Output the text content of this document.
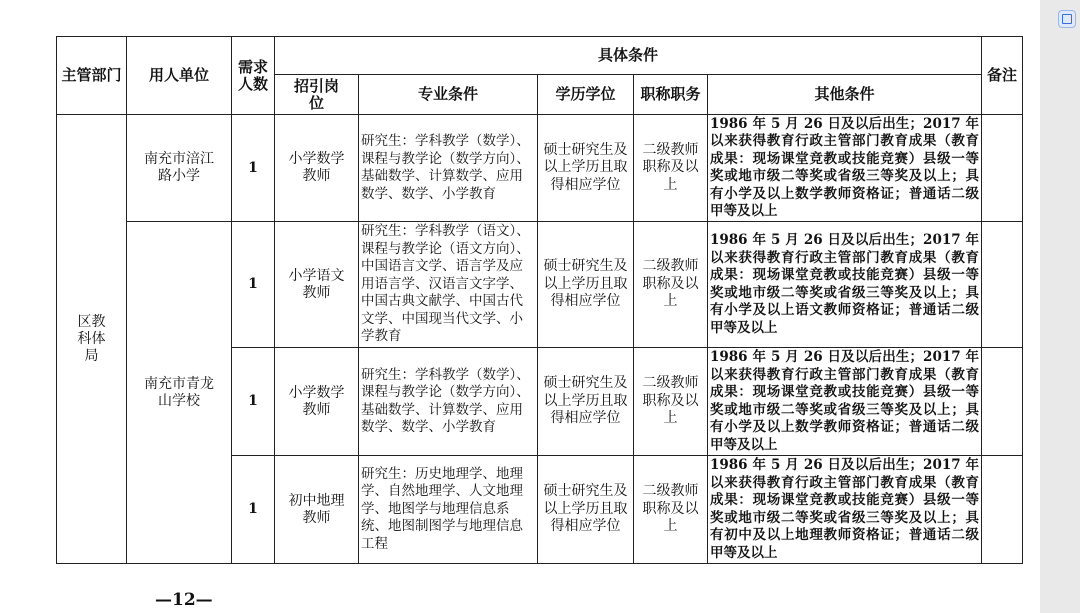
主管部门	用人单位	需求人数	具体条件					备注
			招引岗位	专业条件	学历学位	职称职务	其他条件	
区教科体局	南充市涪江路小学	1	小学数学教师	研究生：学科教学（数学）、课程与教学论（数学方向）、基础数学、计算数学、应用数学、数学、小学教育	硕士研究生及以上学历且取得相应学位	二级教师职称及以上	1986 年 5 月 26 日及以后出生；2017 年以来获得教育行政主管部门教育成果（教育成果：现场课堂竞教或技能竞赛）县级一等奖或地市级二等奖或省级三等奖及以上；具有小学及以上数学教师资格证；普通话二级甲等及以上	
	南充市青龙山学校	1	小学语文教师	研究生：学科教学（语文）、课程与教学论（语文方向）、中国语言文学、语言学及应用语言学、汉语言文字学、中国古典文献学、中国古代文学、中国现当代文学、小学教育	硕士研究生及以上学历且取得相应学位	二级教师职称及以上	1986 年 5 月 26 日及以后出生；2017 年以来获得教育行政主管部门教育成果（教育成果：现场课堂竞教或技能竞赛）县级一等奖或地市级二等奖或省级三等奖及以上；具有小学及以上语文教师资格证；普通话二级甲等及以上	
		1	小学数学教师	研究生：学科教学（数学）、课程与教学论（数学方向）、基础数学、计算数学、应用数学、数学、小学教育	硕士研究生及以上学历且取得相应学位	二级教师职称及以上	1986 年 5 月 26 日及以后出生；2017 年以来获得教育行政主管部门教育成果（教育成果：现场课堂竞教或技能竞赛）县级一等奖或地市级二等奖或省级三等奖及以上；具有小学及以上数学教师资格证；普通话二级甲等及以上	
		1	初中地理教师	研究生：历史地理学、地理学、自然地理学、人文地理学、地图学与地理信息系统、地图制图学与地理信息工程	硕士研究生及以上学历且取得相应学位	二级教师职称及以上	1986 年 5 月 26 日及以后出生；2017 年以来获得教育行政主管部门教育成果（教育成果：现场课堂竞教或技能竞赛）县级一等奖或地市级二等奖或省级三等奖及以上；具有初中及以上地理教师资格证；普通话二级甲等及以上	
—12—
